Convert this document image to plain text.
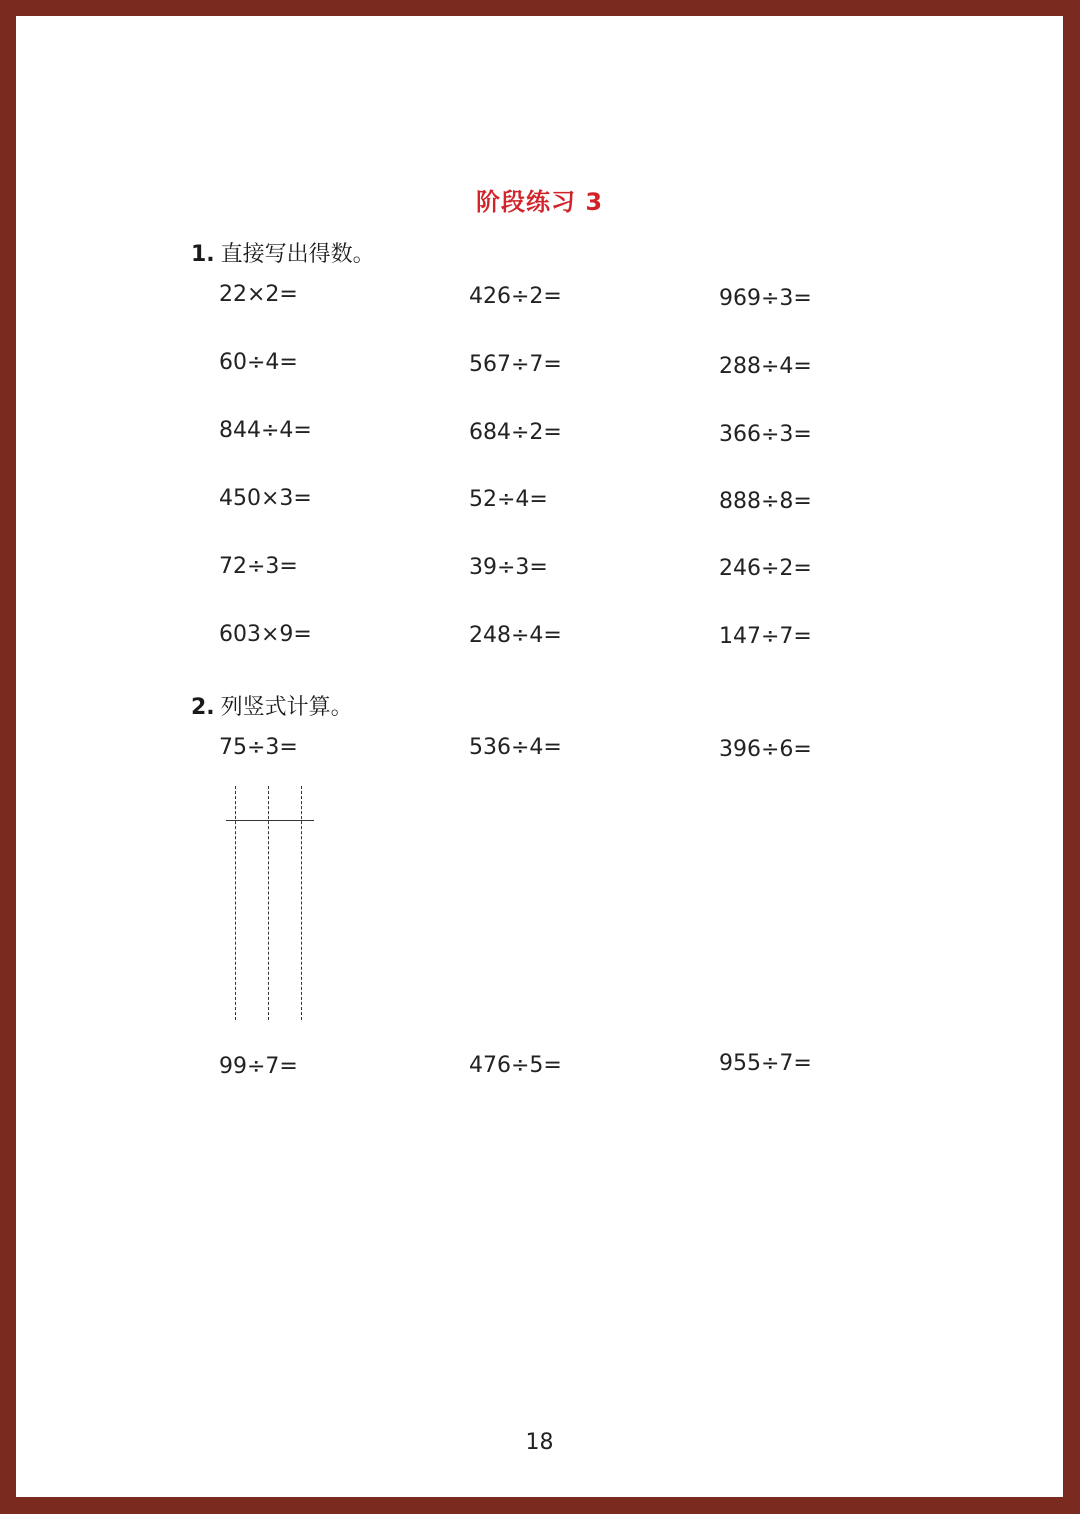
阶段练习 3
1. 直接写出得数。
22×2=	426÷2=	969÷3=
60÷4=	567÷7=	288÷4=
844÷4=	684÷2=	366÷3=
450×3=	52÷4=	888÷8=
72÷3=	39÷3=	246÷2=
603×9=	248÷4=	147÷7=
2. 列竖式计算。
75÷3=	536÷4=	396÷6=
99÷7=	476÷5=	955÷7=
18
